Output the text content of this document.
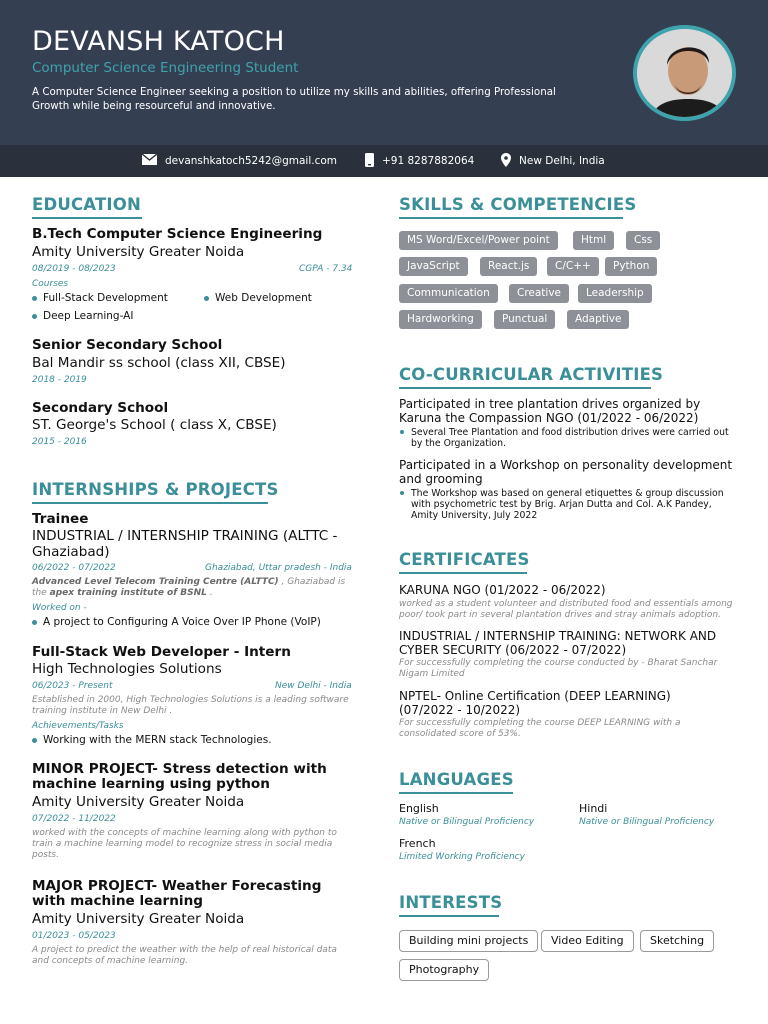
DEVANSH KATOCH
Computer Science Engineering Student
A Computer Science Engineer seeking a position to utilize my skills and abilities, offering Professional Growth while being resourceful and innovative.
devanshkatoch5242@gmail.com	+91 8287882064	New Delhi, India
EDUCATION
B.Tech Computer Science Engineering
Amity University Greater Noida
08/2019 - 08/2023	CGPA - 7.34
Courses
Full-Stack Development	Web Development
Deep Learning-AI
Senior Secondary School
Bal Mandir ss school (class XII, CBSE)
2018 - 2019
Secondary School
ST. George's School ( class X, CBSE)
2015 - 2016
INTERNSHIPS & PROJECTS
Trainee
INDUSTRIAL / INTERNSHIP TRAINING (ALTTC - Ghaziabad)
06/2022 - 07/2022	Ghaziabad, Uttar pradesh - India
Advanced Level Telecom Training Centre (ALTTC) , Ghaziabad is the apex training institute of BSNL .
Worked on -
A project to Configuring A Voice Over IP Phone (VoIP)
Full-Stack Web Developer - Intern
High Technologies Solutions
06/2023 - Present	New Delhi - India
Established in 2000, High Technologies Solutions is a leading software training institute in New Delhi .
Achievements/Tasks
Working with the MERN stack Technologies.
MINOR PROJECT- Stress detection with machine learning using python
Amity University Greater Noida
07/2022 - 11/2022
worked with the concepts of machine learning along with python to train a machine learning model to recognize stress in social media posts.
MAJOR PROJECT- Weather Forecasting with machine learning
Amity University Greater Noida
01/2023 - 05/2023
A project to predict the weather with the help of real historical data and concepts of machine learning.
SKILLS & COMPETENCIES
MS Word/Excel/Power point	Html	Css
JavaScript	React.js	C/C++	Python
Communication	Creative	Leadership
Hardworking	Punctual	Adaptive
CO-CURRICULAR ACTIVITIES
Participated in tree plantation drives organized by Karuna the Compassion NGO (01/2022 - 06/2022)
Several Tree Plantation and food distribution drives were carried out by the Organization.
Participated in a Workshop on personality development and grooming
The Workshop was based on general etiquettes & group discussion with psychometric test by Brig. Arjan Dutta and Col. A.K Pandey, Amity University, July 2022
CERTIFICATES
KARUNA NGO (01/2022 - 06/2022)
worked as a student volunteer and distributed food and essentials among poor/ took part in several plantation drives and stray animals adoption.
INDUSTRIAL / INTERNSHIP TRAINING: NETWORK AND CYBER SECURITY (06/2022 - 07/2022)
For successfully completing the course conducted by - Bharat Sanchar Nigam Limited
NPTEL- Online Certification (DEEP LEARNING) (07/2022 - 10/2022)
For successfully completing the course DEEP LEARNING with a consolidated score of 53%.
LANGUAGES
English
Native or Bilingual Proficiency
Hindi
Native or Bilingual Proficiency
French
Limited Working Proficiency
INTERESTS
Building mini projects	Video Editing	Sketching
Photography
